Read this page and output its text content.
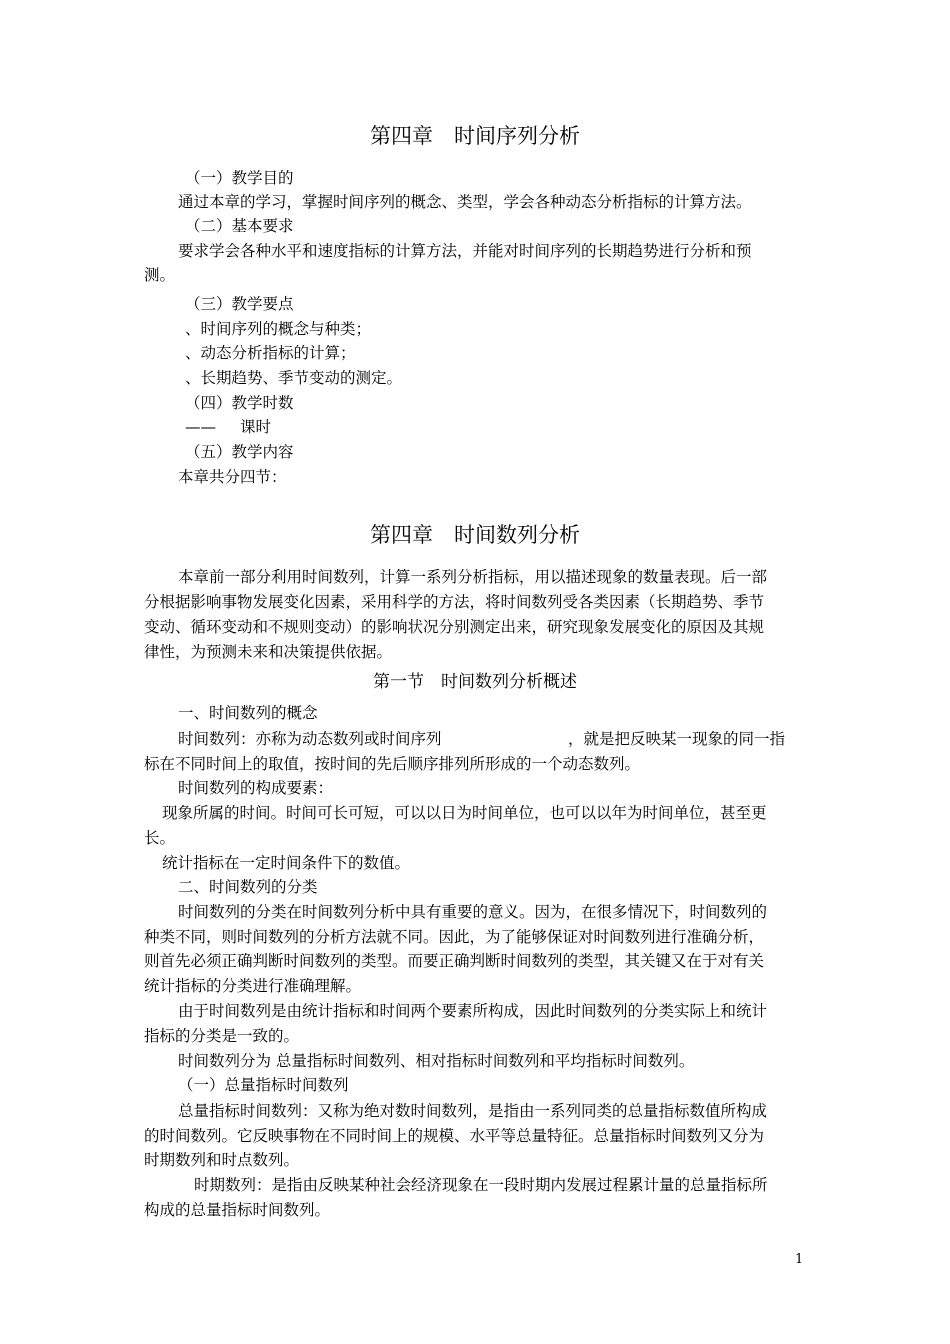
第四章　时间序列分析
（一）教学目的
通过本章的学习，掌握时间序列的概念、类型，学会各种动态分析指标的计算方法。
（二）基本要求
要求学会各种水平和速度指标的计算方法，并能对时间序列的长期趋势进行分析和预
测。
（三）教学要点
、时间序列的概念与种类；
、动态分析指标的计算；
、长期趋势、季节变动的测定。
（四）教学时数
—— 课时
（五）教学内容
本章共分四节：
第四章　时间数列分析
本章前一部分利用时间数列，计算一系列分析指标，用以描述现象的数量表现。后一部
分根据影响事物发展变化因素，采用科学的方法，将时间数列受各类因素（长期趋势、季节
变动、循环变动和不规则变动）的影响状况分别测定出来，研究现象发展变化的原因及其规
律性，为预测未来和决策提供依据。
第一节　时间数列分析概述
一、时间数列的概念
时间数列：亦称为动态数列或时间序列	，就是把反映某一现象的同一指
标在不同时间上的取值，按时间的先后顺序排列所形成的一个动态数列。
时间数列的构成要素：
现象所属的时间。时间可长可短，可以以日为时间单位，也可以以年为时间单位，甚至更
长。
统计指标在一定时间条件下的数值。
二、时间数列的分类
时间数列的分类在时间数列分析中具有重要的意义。因为，在很多情况下，时间数列的
种类不同，则时间数列的分析方法就不同。因此，为了能够保证对时间数列进行准确分析，
则首先必须正确判断时间数列的类型。而要正确判断时间数列的类型，其关键又在于对有关
统计指标的分类进行准确理解。
由于时间数列是由统计指标和时间两个要素所构成，因此时间数列的分类实际上和统计
指标的分类是一致的。
时间数列分为 总量指标时间数列、相对指标时间数列和平均指标时间数列。
（一）总量指标时间数列
总量指标时间数列：又称为绝对数时间数列，是指由一系列同类的总量指标数值所构成
的时间数列。它反映事物在不同时间上的规模、水平等总量特征。总量指标时间数列又分为
时期数列和时点数列。
时期数列：是指由反映某种社会经济现象在一段时期内发展过程累计量的总量指标所
构成的总量指标时间数列。
1
